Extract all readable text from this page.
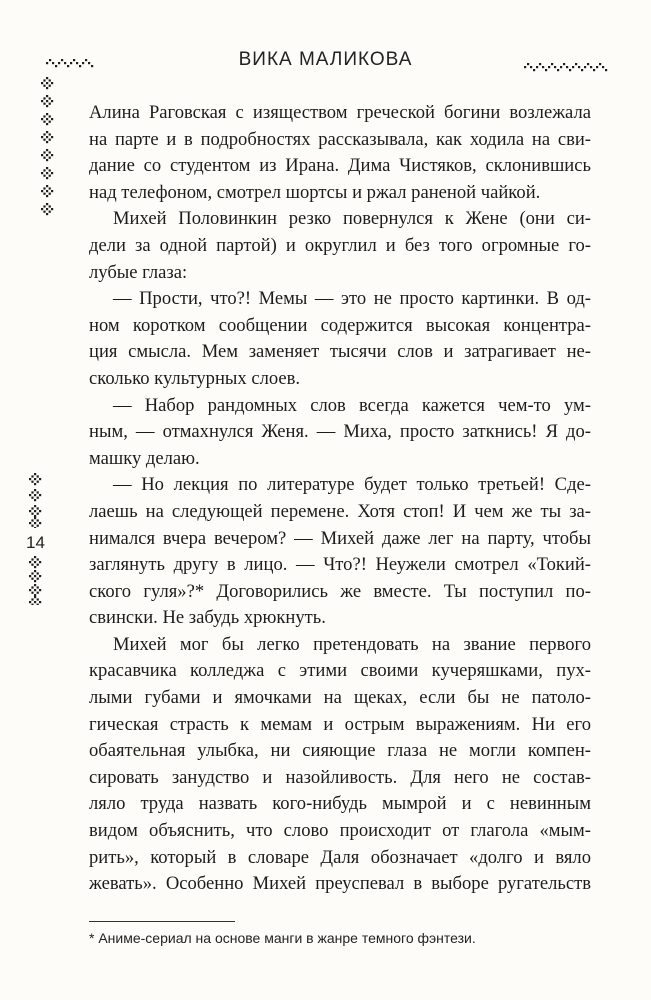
ВИКА МАЛИКОВА
14
Алина Раговская с изяществом греческой богини возлежала
на парте и в подробностях рассказывала, как ходила на сви-
дание со студентом из Ирана. Дима Чистяков, склонившись
над телефоном, смотрел шортсы и ржал раненой чайкой.
Михей Половинкин резко повернулся к Жене (они си-
дели за одной партой) и округлил и без того огромные го-
лубые глаза:
— Прости, что?! Мемы — это не просто картинки. В од-
ном коротком сообщении содержится высокая концентра-
ция смысла. Мем заменяет тысячи слов и затрагивает не-
сколько культурных слоев.
— Набор рандомных слов всегда кажется чем-то ум-
ным, — отмахнулся Женя. — Миха, просто заткнись! Я до-
машку делаю.
— Но лекция по литературе будет только третьей! Сде-
лаешь на следующей перемене. Хотя стоп! И чем же ты за-
нимался вчера вечером? — Михей даже лег на парту, чтобы
заглянуть другу в лицо. — Что?! Неужели смотрел «Токий-
ского гуля»?* Договорились же вместе. Ты поступил по-
свински. Не забудь хрюкнуть.
Михей мог бы легко претендовать на звание первого
красавчика колледжа с этими своими кучеряшками, пух-
лыми губами и ямочками на щеках, если бы не патоло-
гическая страсть к мемам и острым выражениям. Ни его
обаятельная улыбка, ни сияющие глаза не могли компен-
сировать занудство и назойливость. Для него не состав-
ляло труда назвать кого-нибудь мымрой и с невинным
видом объяснить, что слово происходит от глагола «мым-
рить», который в словаре Даля обозначает «долго и вяло
жевать». Особенно Михей преуспевал в выборе ругательств
* Аниме-сериал на основе манги в жанре темного фэнтези.
